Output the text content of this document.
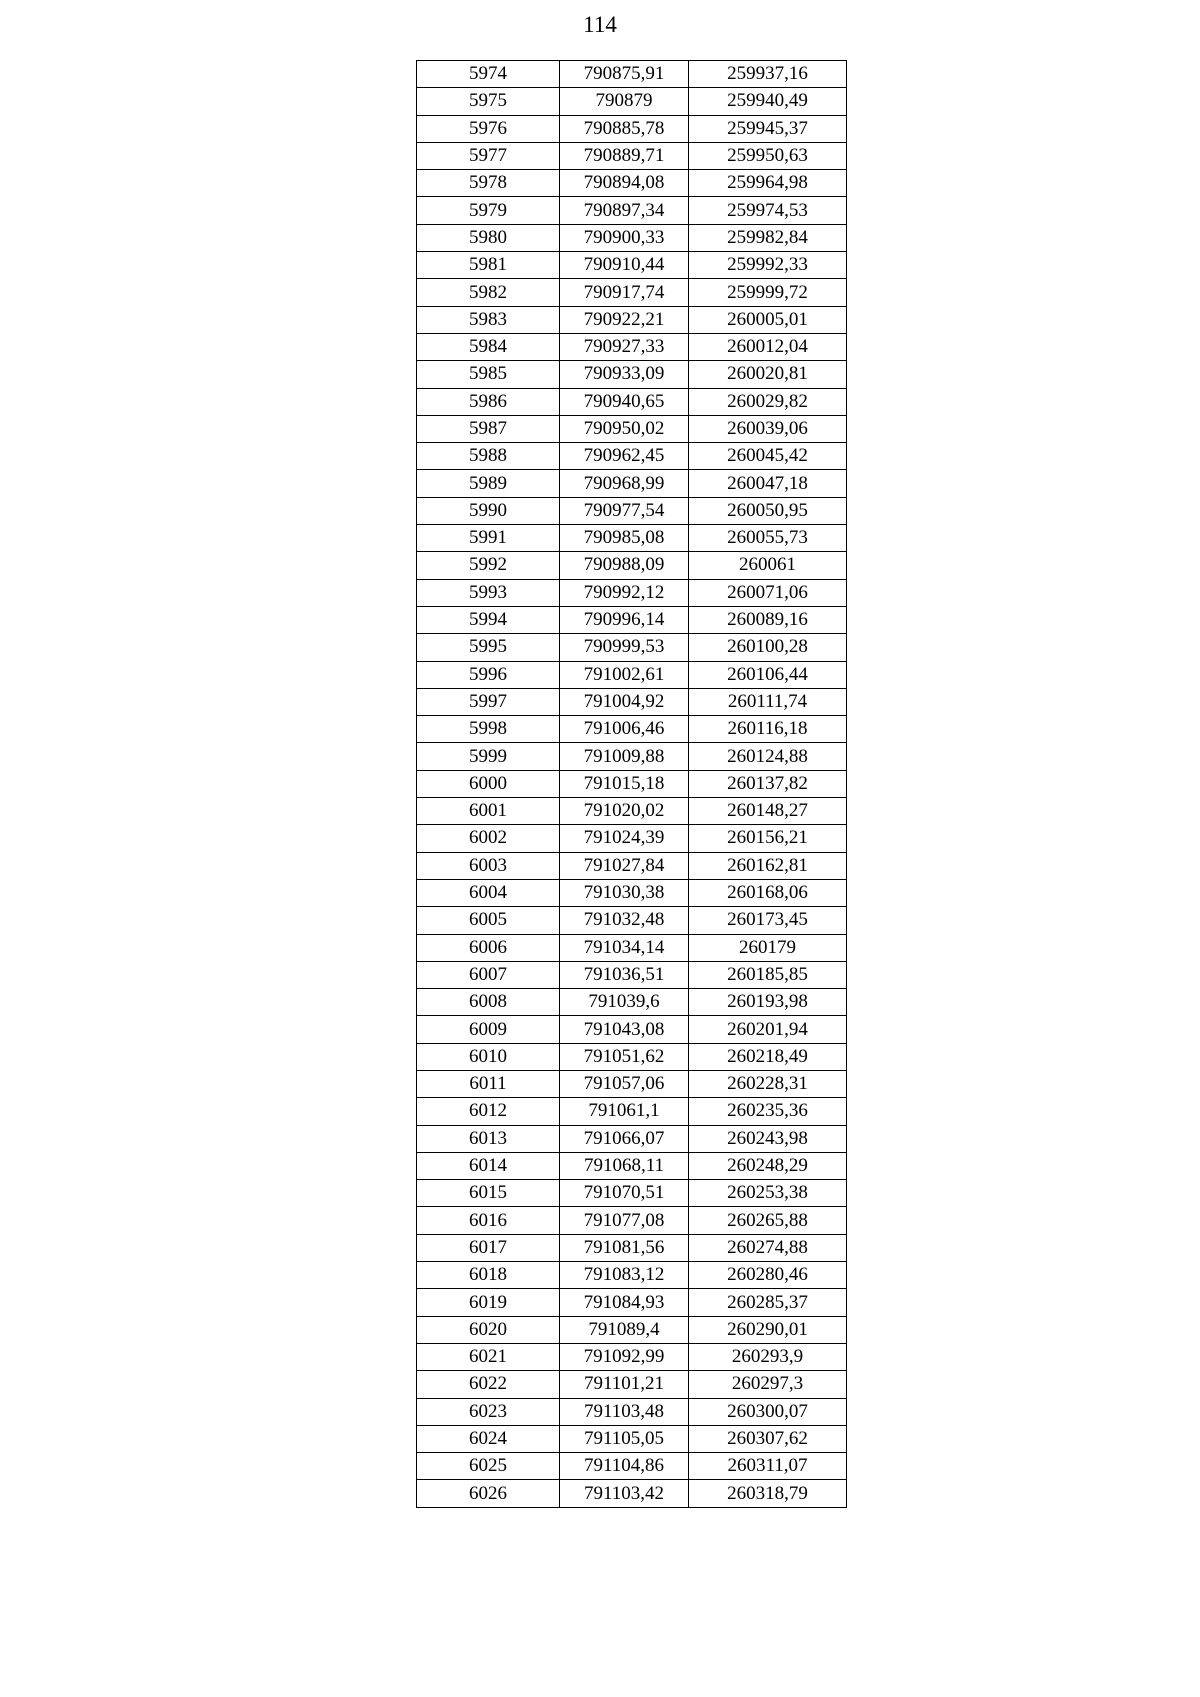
114
5974	790875,91	259937,16
5975	790879	259940,49
5976	790885,78	259945,37
5977	790889,71	259950,63
5978	790894,08	259964,98
5979	790897,34	259974,53
5980	790900,33	259982,84
5981	790910,44	259992,33
5982	790917,74	259999,72
5983	790922,21	260005,01
5984	790927,33	260012,04
5985	790933,09	260020,81
5986	790940,65	260029,82
5987	790950,02	260039,06
5988	790962,45	260045,42
5989	790968,99	260047,18
5990	790977,54	260050,95
5991	790985,08	260055,73
5992	790988,09	260061
5993	790992,12	260071,06
5994	790996,14	260089,16
5995	790999,53	260100,28
5996	791002,61	260106,44
5997	791004,92	260111,74
5998	791006,46	260116,18
5999	791009,88	260124,88
6000	791015,18	260137,82
6001	791020,02	260148,27
6002	791024,39	260156,21
6003	791027,84	260162,81
6004	791030,38	260168,06
6005	791032,48	260173,45
6006	791034,14	260179
6007	791036,51	260185,85
6008	791039,6	260193,98
6009	791043,08	260201,94
6010	791051,62	260218,49
6011	791057,06	260228,31
6012	791061,1	260235,36
6013	791066,07	260243,98
6014	791068,11	260248,29
6015	791070,51	260253,38
6016	791077,08	260265,88
6017	791081,56	260274,88
6018	791083,12	260280,46
6019	791084,93	260285,37
6020	791089,4	260290,01
6021	791092,99	260293,9
6022	791101,21	260297,3
6023	791103,48	260300,07
6024	791105,05	260307,62
6025	791104,86	260311,07
6026	791103,42	260318,79
